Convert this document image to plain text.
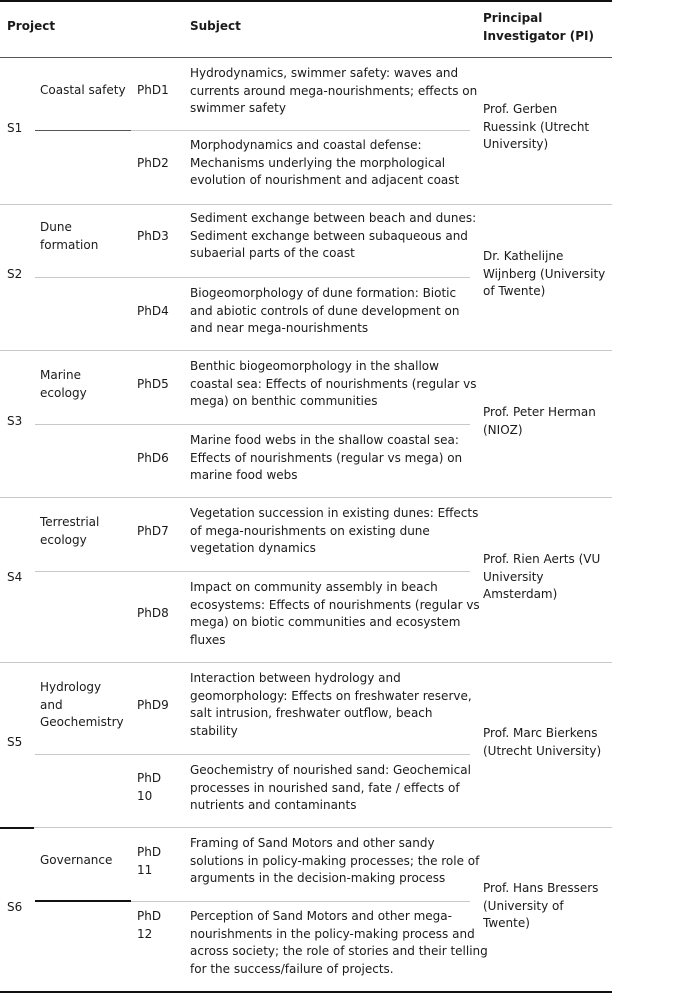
Project	Subject
Principal
Investigator (PI)
S1
Coastal safety PhD1
Hydrodynamics, swimmer safety: waves and
currents around mega-nourishments; effects on
swimmer safety
PhD2
Morphodynamics and coastal defense:
Mechanisms underlying the morphological
evolution of nourishment and adjacent coast
Prof. Gerben
Ruessink (Utrecht
University)
S2
Dune
formation
PhD3
Sediment exchange between beach and dunes:
Sediment exchange between subaqueous and
subaerial parts of the coast
PhD4
Biogeomorphology of dune formation: Biotic
and abiotic controls of dune development on
and near mega-nourishments
Dr. Kathelijne
Wijnberg (University
of Twente)
S3
Marine
ecology
PhD5
Benthic biogeomorphology in the shallow
coastal sea: Effects of nourishments (regular vs
mega) on benthic communities
PhD6
Marine food webs in the shallow coastal sea:
Effects of nourishments (regular vs mega) on
marine food webs
Prof. Peter Herman
(NIOZ)
S4
Terrestrial
ecology
PhD7
Vegetation succession in existing dunes: Effects
of mega-nourishments on existing dune
vegetation dynamics
PhD8
Impact on community assembly in beach
ecosystems: Effects of nourishments (regular vs
mega) on biotic communities and ecosystem
fluxes
Prof. Rien Aerts (VU
University
Amsterdam)
S5
Hydrology
and
Geochemistry
PhD9
Interaction between hydrology and
geomorphology: Effects on freshwater reserve,
salt intrusion, freshwater outflow, beach
stability
PhD
10
Geochemistry of nourished sand: Geochemical
processes in nourished sand, fate / effects of
nutrients and contaminants
Prof. Marc Bierkens
(Utrecht University)
S6
Governance
PhD
11
Framing of Sand Motors and other sandy
solutions in policy-making processes; the role of
arguments in the decision-making process
PhD
12
Perception of Sand Motors and other mega-
nourishments in the policy-making process and
across society; the role of stories and their telling
for the success/failure of projects.
Prof. Hans Bressers
(University of
Twente)
